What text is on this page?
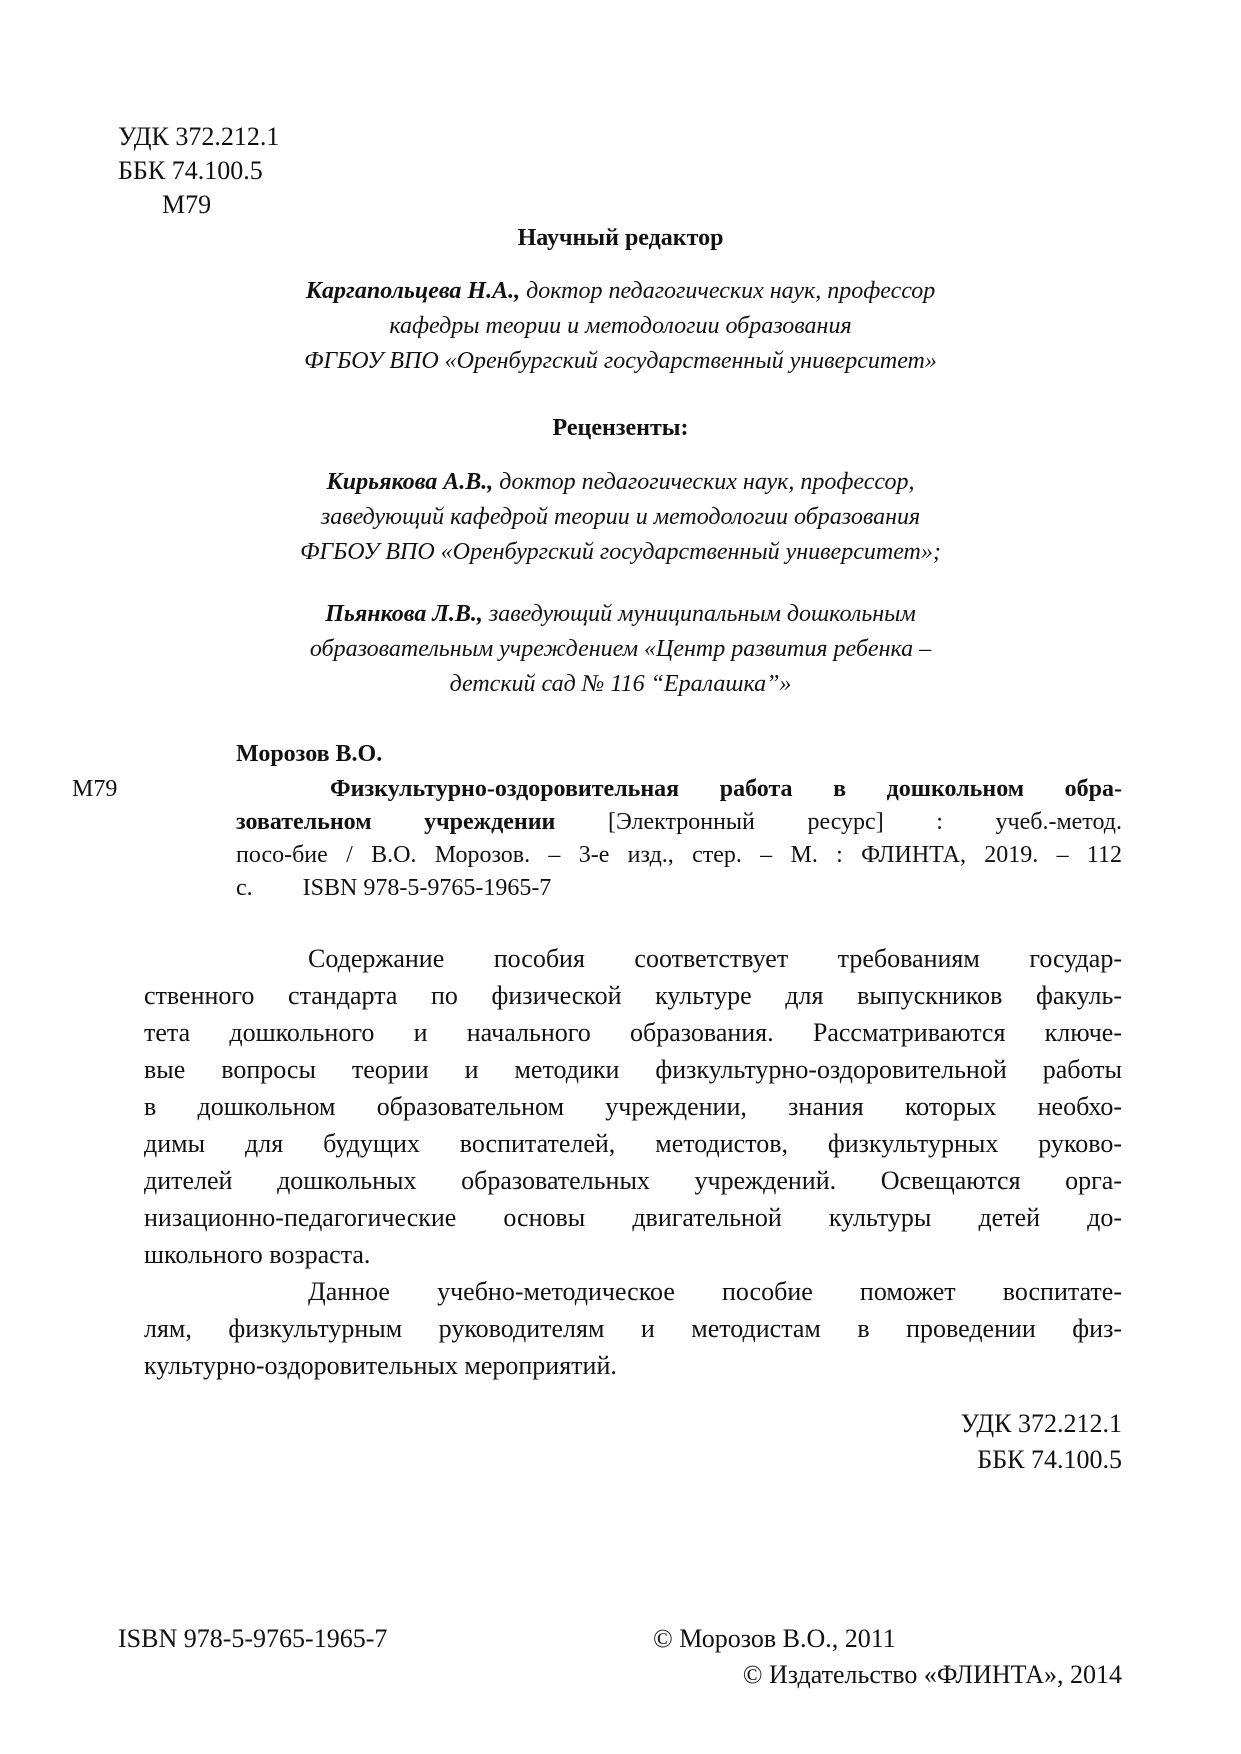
УДК 372.212.1
ББК 74.100.5
М79
Научный редактор
Каргапольцева Н.А., доктор педагогических наук, профессор
кафедры теории и методологии образования
ФГБОУ ВПО «Оренбургский государственный университет»
Рецензенты:
Кирьякова А.В., доктор педагогических наук, профессор,
заведующий кафедрой теории и методологии образования
ФГБОУ ВПО «Оренбургский государственный университет»;
Пьянкова Л.В., заведующий муниципальным дошкольным
образовательным учреждением «Центр развития ребенка –
детский сад № 116 “Ералашка”»
Морозов В.О.
М79	Физкультурно-оздоровительная работа в дошкольном обра-
зовательном учреждении [Электронный ресурс] : учеб.-метод.
посо-бие / В.О. Морозов. – 3-е изд., стер. – М. : ФЛИНТА, 2019. – 112
с. ISBN 978-5-9765-1965-7
Содержание пособия соответствует требованиям государ-
ственного стандарта по физической культуре для выпускников факуль-
тета дошкольного и начального образования. Рассматриваются ключе-
вые вопросы теории и методики физкультурно-оздоровительной работы
в дошкольном образовательном учреждении, знания которых необхо-
димы для будущих воспитателей, методистов, физкультурных руково-
дителей дошкольных образовательных учреждений. Освещаются орга-
низационно-педагогические основы двигательной культуры детей до-
школьного возраста.
Данное учебно-методическое пособие поможет воспитате-
лям, физкультурным руководителям и методистам в проведении физ-
культурно-оздоровительных мероприятий.
УДК 372.212.1
ББК 74.100.5
ISBN 978-5-9765-1965-7	© Морозов В.О., 2011
© Издательство «ФЛИНТА», 2014
